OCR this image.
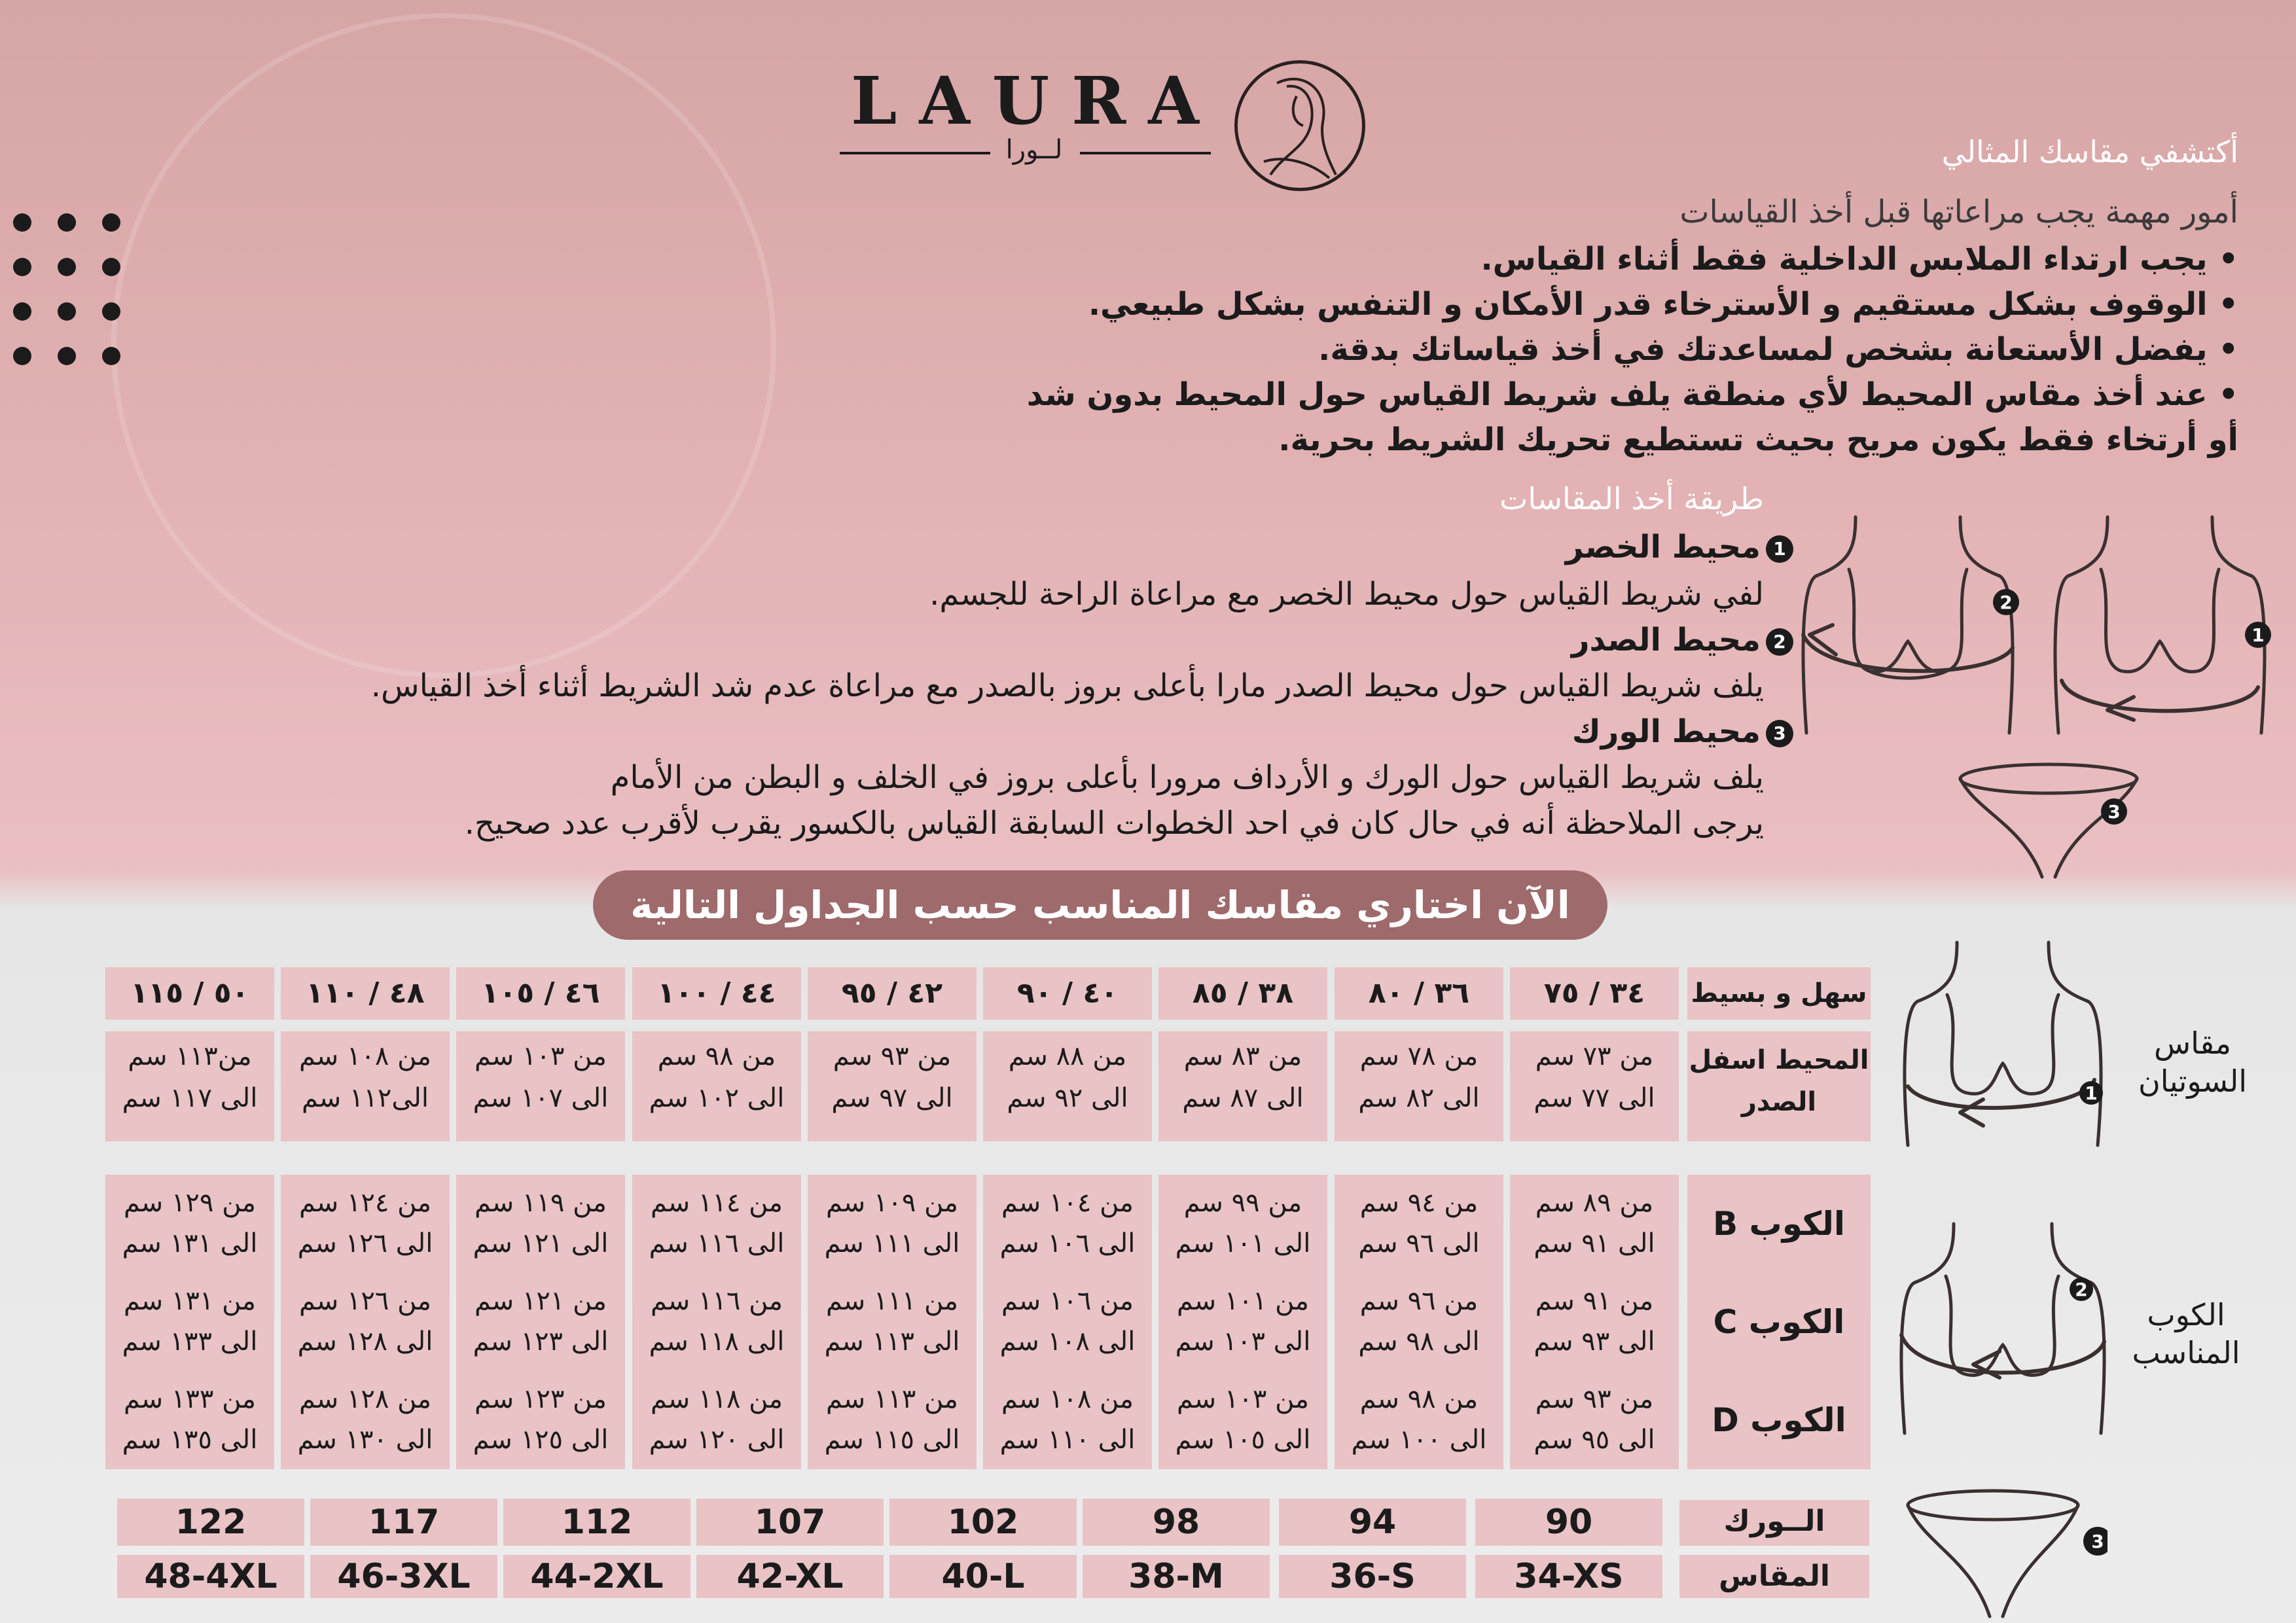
LAURA
لــورا	أكتشفي مقاسك المثالي
أمور مهمة يجب مراعاتها قبل أخذ القياسات
• يجب ارتداء الملابس الداخلية فقط أثناء القياس.
• الوقوف بشكل مستقيم و الأسترخاء قدر الأمكان و التنفس بشكل طبيعي.
• يفضل الأستعانة بشخص لمساعدتك في أخذ قياساتك بدقة.
• عند أخذ مقاس المحيط لأي منطقة يلف شريط القياس حول المحيط بدون شد
أو أرتخاء فقط يكون مريح بحيث تستطيع تحريك الشريط بحرية.
طريقة أخذ المقاسات
1محيط الخصر
لفي شريط القياس حول محيط الخصر مع مراعاة الراحة للجسم.
2محيط الصدر
يلف شريط القياس حول محيط الصدر مارا بأعلى بروز بالصدر مع مراعاة عدم شد الشريط أثناء أخذ القياس.
3محيط الورك
يلف شريط القياس حول الورك و الأرداف مرورا بأعلى بروز في الخلف و البطن من الأمام
يرجى الملاحظة أنه في حال كان في احد الخطوات السابقة القياس بالكسور يقرب لأقرب عدد صحيح.
2
1
3
الآن اختاري مقاسك المناسب حسب الجداول التالية
مقاس
السوتيان
1
سهل و بسيط
المحيط اسفل
الصدر
الكوب
المناسب
2
3
الــورك
المقاس
٣٤ / ٧٥
من ٧٣ سم
الى ٧٧ سم
٣٦ / ٨٠
من ٧٨ سم
الى ٨٢ سم
٣٨ / ٨٥
من ٨٣ سم
الى ٨٧ سم
٤٠ / ٩٠
من ٨٨ سم
الى ٩٢ سم
٤٢ / ٩٥
من ٩٣ سم
الى ٩٧ سم
٤٤ / ١٠٠
من ٩٨ سم
الى ١٠٢ سم
٤٦ / ١٠٥
من ١٠٣ سم
الى ١٠٧ سم
٤٨ / ١١٠
من ١٠٨ سم
الى١١٢ سم
٥٠ / ١١٥
من١١٣ سم
الى ١١٧ سم
الكوب B
من ٨٩ سم
الى ٩١ سم
من ٩٤ سم
الى ٩٦ سم
من ٩٩ سم
الى ١٠١ سم
من ١٠٤ سم
الى ١٠٦ سم
من ١٠٩ سم
الى ١١١ سم
من ١١٤ سم
الى ١١٦ سم
من ١١٩ سم
الى ١٢١ سم
من ١٢٤ سم
الى ١٢٦ سم
من ١٢٩ سم
الى ١٣١ سم
الكوب C
من ٩١ سم
الى ٩٣ سم
من ٩٦ سم
الى ٩٨ سم
من ١٠١ سم
الى ١٠٣ سم
من ١٠٦ سم
الى ١٠٨ سم
من ١١١ سم
الى ١١٣ سم
من ١١٦ سم
الى ١١٨ سم
من ١٢١ سم
الى ١٢٣ سم
من ١٢٦ سم
الى ١٢٨ سم
من ١٣١ سم
الى ١٣٣ سم
الكوب D
من ٩٣ سم
الى ٩٥ سم
من ٩٨ سم
الى ١٠٠ سم
من ١٠٣ سم
الى ١٠٥ سم
من ١٠٨ سم
الى ١١٠ سم
من ١١٣ سم
الى ١١٥ سم
من ١١٨ سم
الى ١٢٠ سم
من ١٢٣ سم
الى ١٢٥ سم
من ١٢٨ سم
الى ١٣٠ سم
من ١٣٣ سم
الى ١٣٥ سم
90
34-XS
94
36-S
98
38-M
102
40-L
107
42-XL
112
44-2XL
117
46-3XL
122
48-4XL
